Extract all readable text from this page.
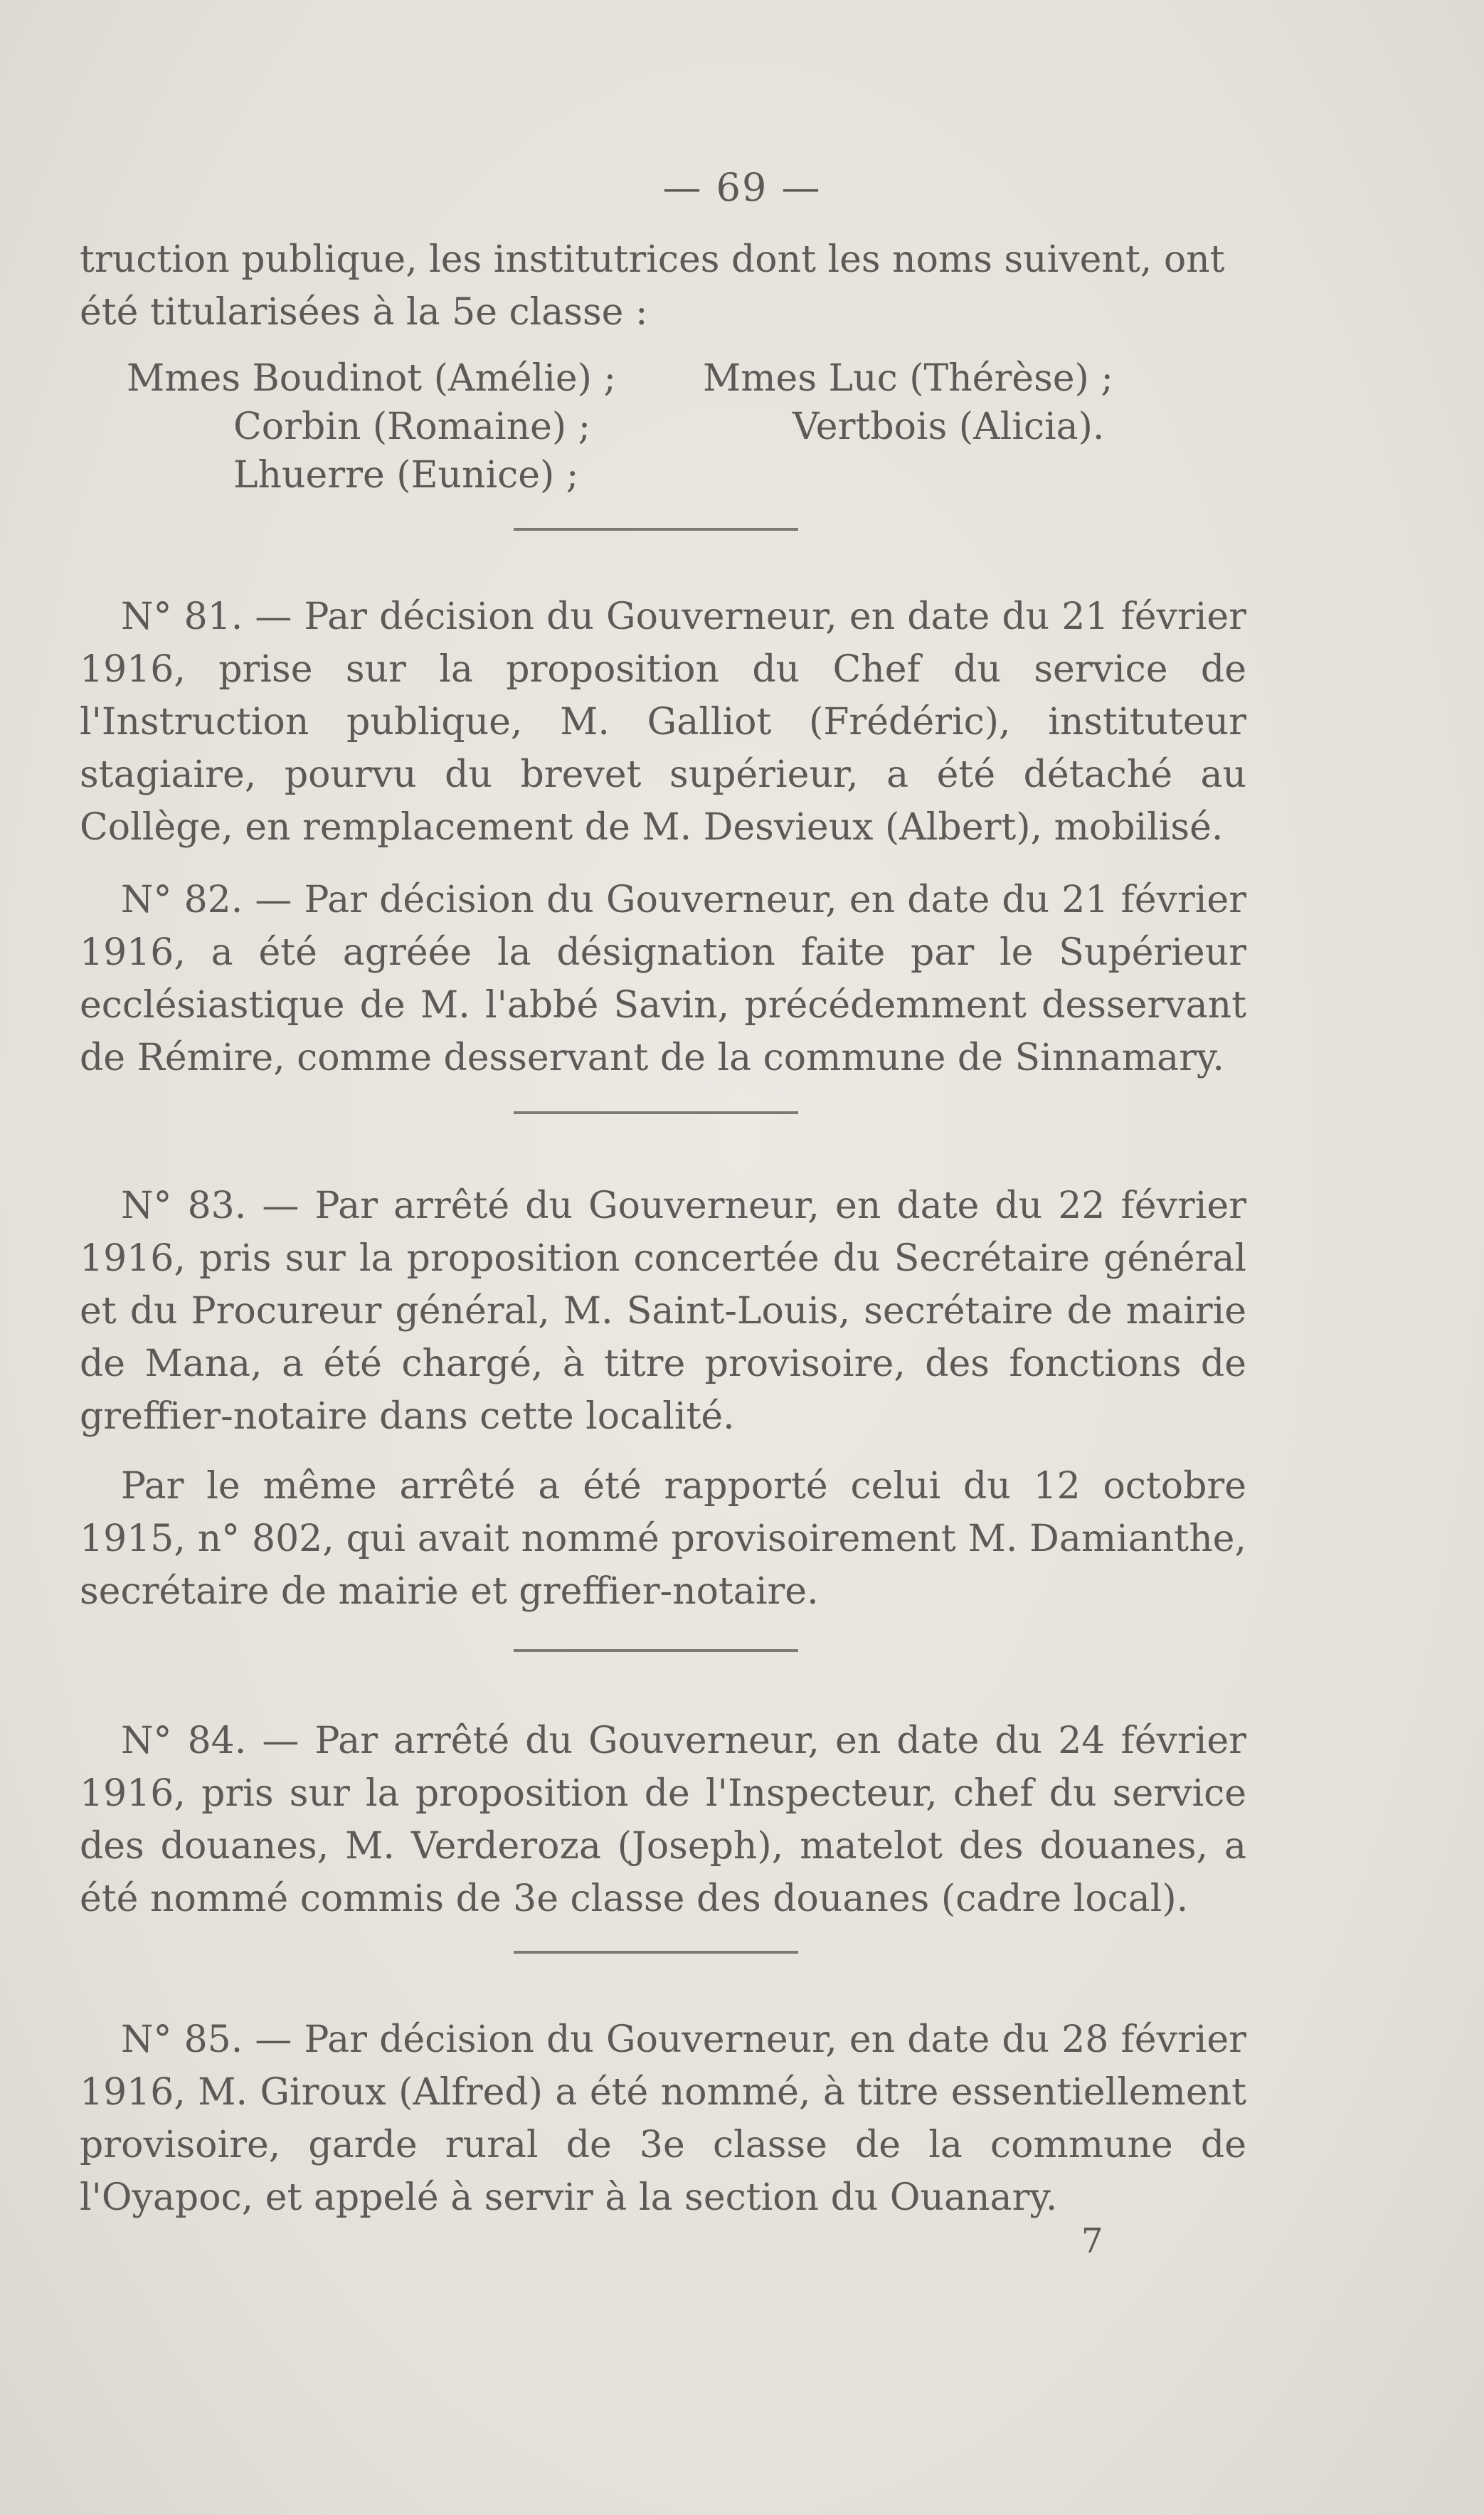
— 69 —

truction publique, les institutrices dont les noms suivent, ont

été titularisées à la 5e classe :

Mmes Boudinot (Amélie) ;	Mmes Luc (Thérèse) ;
Corbin (Romaine) ;	Vertbois (Alicia).
Lhuerre (Eunice) ;

N° 81. — Par décision du Gouverneur, en date du 21 février 1916, prise sur la proposition du Chef du service de l'Instruction publique, M. Galliot (Frédéric), instituteur stagiaire, pourvu du brevet supérieur, a été détaché au Collège, en remplacement de M. Desvieux (Albert), mobilisé.

N° 82. — Par décision du Gouverneur, en date du 21 février 1916, a été agréée la désignation faite par le Supérieur ecclésiastique de M. l'abbé Savin, précédemment desservant de Rémire, comme desservant de la commune de Sinnamary.

N° 83. — Par arrêté du Gouverneur, en date du 22 février 1916, pris sur la proposition concertée du Secrétaire général et du Procureur général, M. Saint-Louis, secrétaire de mairie de Mana, a été chargé, à titre provisoire, des fonctions de greffier-notaire dans cette localité.

Par le même arrêté a été rapporté celui du 12 octobre 1915, n° 802, qui avait nommé provisoirement M. Damianthe, secrétaire de mairie et greffier-notaire.

N° 84. — Par arrêté du Gouverneur, en date du 24 février 1916, pris sur la proposition de l'Inspecteur, chef du service des douanes, M. Verderoza (Joseph), matelot des douanes, a été nommé commis de 3e classe des douanes (cadre local).

N° 85. — Par décision du Gouverneur, en date du 28 février 1916, M. Giroux (Alfred) a été nommé, à titre essentiellement provisoire, garde rural de 3e classe de la commune de l'Oyapoc, et appelé à servir à la section du Ouanary.

7
